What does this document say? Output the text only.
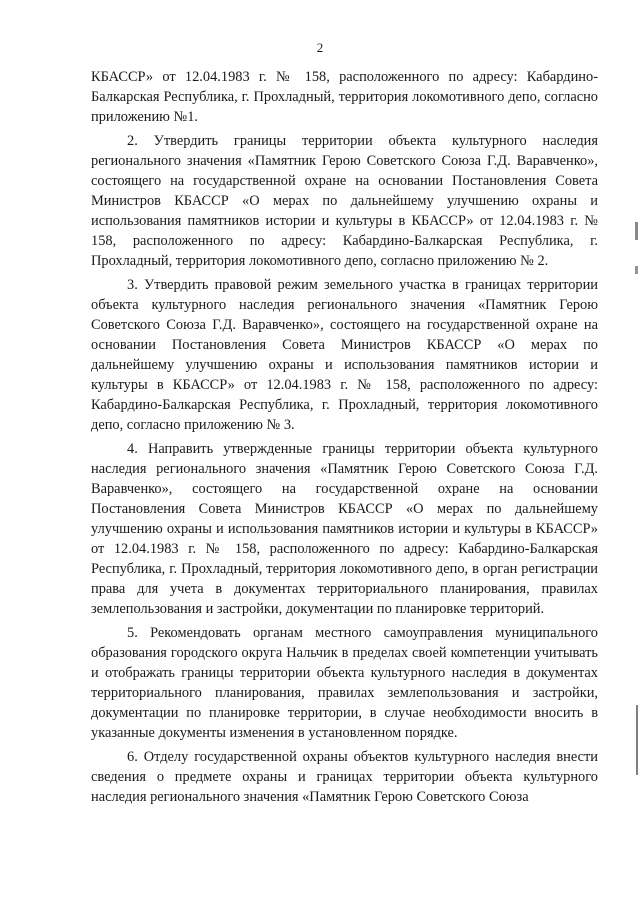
2

КБАССР» от 12.04.1983 г. № 158, расположенного по адресу: Кабардино-Балкарская Республика, г. Прохладный, территория локомотивного депо, согласно приложению №1.

2. Утвердить границы территории объекта культурного наследия регионального значения «Памятник Герою Советского Союза Г.Д. Варавченко», состоящего на государственной охране на основании Постановления Совета Министров КБАССР «О мерах по дальнейшему улучшению охраны и использования памятников истории и культуры в КБАССР» от 12.04.1983 г. № 158, расположенного по адресу: Кабардино-Балкарская Республика, г. Прохладный, территория локомотивного депо, согласно приложению № 2.

3. Утвердить правовой режим земельного участка в границах территории объекта культурного наследия регионального значения «Памятник Герою Советского Союза Г.Д. Варавченко», состоящего на государственной охране на основании Постановления Совета Министров КБАССР «О мерах по дальнейшему улучшению охраны и использования памятников истории и культуры в КБАССР» от 12.04.1983 г. № 158, расположенного по адресу: Кабардино-Балкарская Республика, г. Прохладный, территория локомотивного депо, согласно приложению № 3.

4. Направить утвержденные границы территории объекта культурного наследия регионального значения «Памятник Герою Советского Союза Г.Д. Варавченко», состоящего на государственной охране на основании Постановления Совета Министров КБАССР «О мерах по дальнейшему улучшению охраны и использования памятников истории и культуры в КБАССР» от 12.04.1983 г. № 158, расположенного по адресу: Кабардино-Балкарская Республика, г. Прохладный, территория локомотивного депо, в орган регистрации права для учета в документах территориального планирования, правилах землепользования и застройки, документации по планировке территорий.

5. Рекомендовать органам местного самоуправления муниципального образования городского округа Нальчик в пределах своей компетенции учитывать и отображать границы территории объекта культурного наследия в документах территориального планирования, правилах землепользования и застройки, документации по планировке территории, в случае необходимости вносить в указанные документы изменения в установленном порядке.

6. Отделу государственной охраны объектов культурного наследия внести сведения о предмете охраны и границах территории объекта культурного наследия регионального значения «Памятник Герою Советского Союза
